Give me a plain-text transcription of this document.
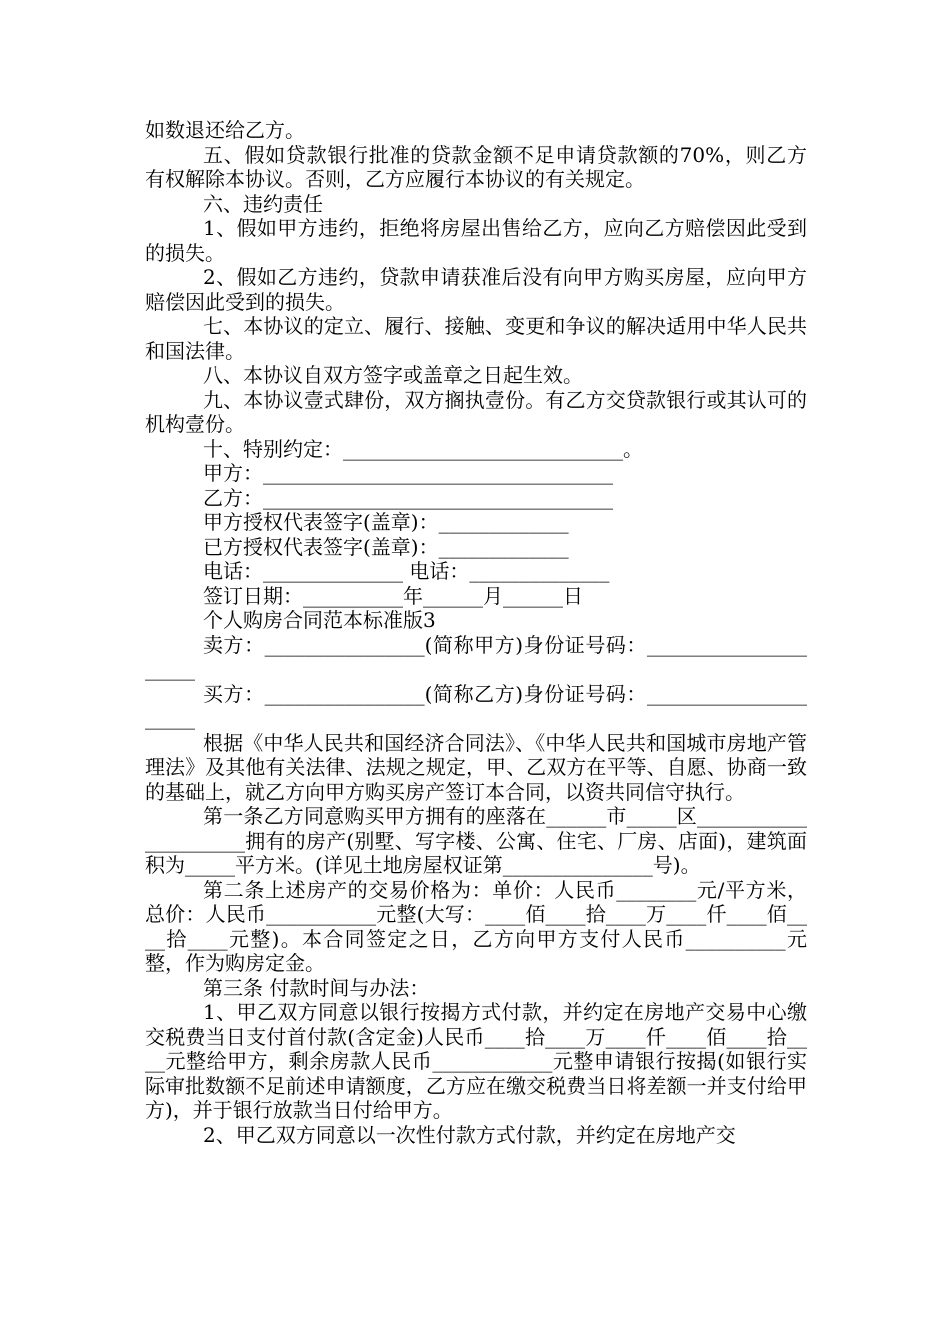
如数退还给乙方。

五、假如贷款银行批准的贷款金额不足申请贷款额的70%，则乙方有权解除本协议。否则，乙方应履行本协议的有关规定。

六、违约责任

1、假如甲方违约，拒绝将房屋出售给乙方，应向乙方赔偿因此受到的损失。

2、假如乙方违约，贷款申请获准后没有向甲方购买房屋，应向甲方赔偿因此受到的损失。

七、本协议的定立、履行、接触、变更和争议的解决适用中华人民共和国法律。

八、本协议自双方签字或盖章之日起生效。

九、本协议壹式肆份，双方搁执壹份。有乙方交贷款银行或其认可的机构壹份。

十、特别约定：____________________________。

甲方：___________________________________

乙方：___________________________________

甲方授权代表签字(盖章)：_____________

已方授权代表签字(盖章)：_____________

电话：______________ 电话：______________

签订日期：__________年______月______日

个人购房合同范本标准版3

卖方：________________(简称甲方)身份证号码：_____________________

买方：________________(简称乙方)身份证号码：_____________________

根据《中华人民共和国经济合同法》、《中华人民共和国城市房地产管理法》及其他有关法律、法规之规定，甲、乙双方在平等、自愿、协商一致的基础上，就乙方向甲方购买房产签订本合同，以资共同信守执行。

第一条乙方同意购买甲方拥有的座落在______市_____区_____________________拥有的房产(别墅、写字楼、公寓、住宅、厂房、店面)，建筑面积为_____平方米。(详见土地房屋权证第_______________号)。

第二条上述房产的交易价格为：单价：人民币________元/平方米，总价：人民币___________元整(大写：____佰____拾____万____仟____佰____拾____元整)。本合同签定之日，乙方向甲方支付人民币__________元整，作为购房定金。

第三条 付款时间与办法：

1、甲乙双方同意以银行按揭方式付款，并约定在房地产交易中心缴交税费当日支付首付款(含定金)人民币____拾____万____仟____佰____拾____元整给甲方，剩余房款人民币____________元整申请银行按揭(如银行实际审批数额不足前述申请额度，乙方应在缴交税费当日将差额一并支付给甲方)，并于银行放款当日付给甲方。

2、甲乙双方同意以一次性付款方式付款，并约定在房地产交
